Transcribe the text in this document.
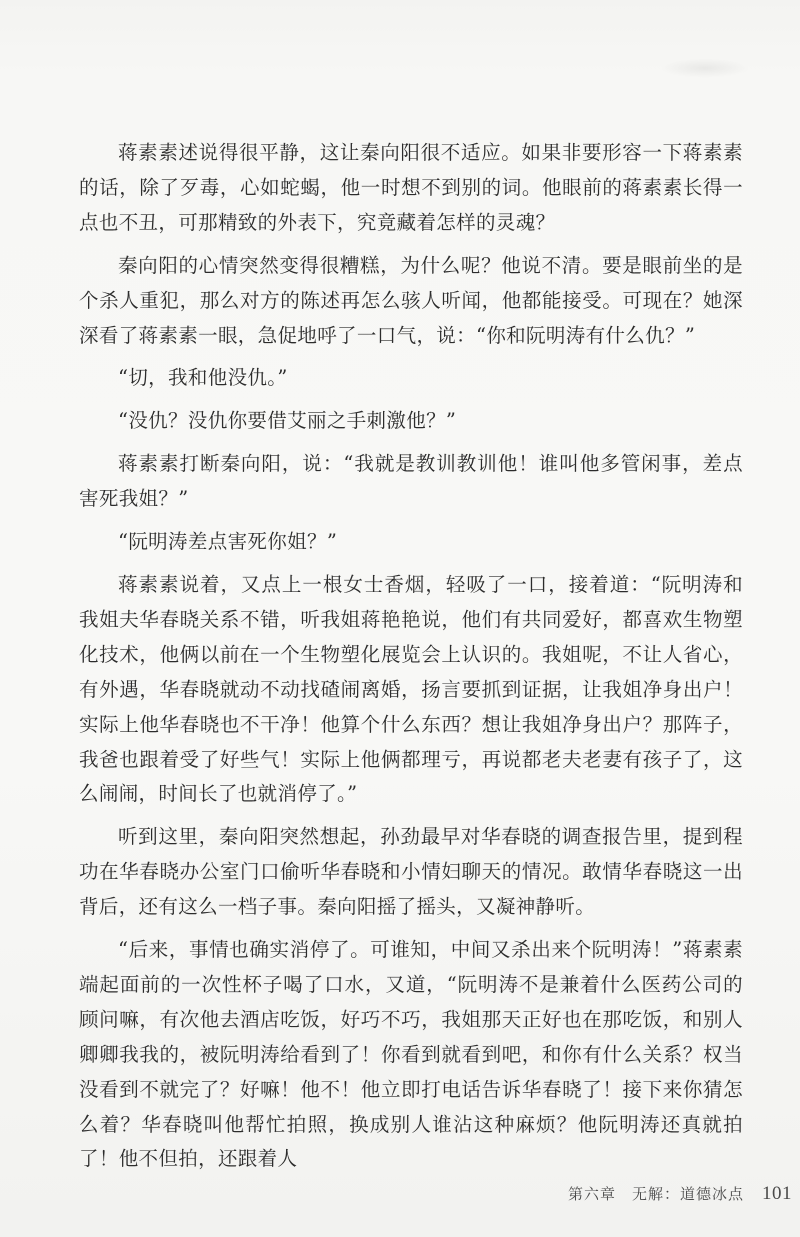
蒋素素述说得很平静，这让秦向阳很不适应。如果非要形容一下蒋素素的话，除了歹毒，心如蛇蝎，他一时想不到别的词。他眼前的蒋素素长得一点也不丑，可那精致的外表下，究竟藏着怎样的灵魂？

秦向阳的心情突然变得很糟糕，为什么呢？他说不清。要是眼前坐的是个杀人重犯，那么对方的陈述再怎么骇人听闻，他都能接受。可现在？她深深看了蒋素素一眼，急促地呼了一口气，说：“你和阮明涛有什么仇？”

“切，我和他没仇。”

“没仇？没仇你要借艾丽之手刺激他？”

蒋素素打断秦向阳，说：“我就是教训教训他！谁叫他多管闲事，差点害死我姐？”

“阮明涛差点害死你姐？”

蒋素素说着，又点上一根女士香烟，轻吸了一口，接着道：“阮明涛和我姐夫华春晓关系不错，听我姐蒋艳艳说，他们有共同爱好，都喜欢生物塑化技术，他俩以前在一个生物塑化展览会上认识的。我姐呢，不让人省心，有外遇，华春晓就动不动找碴闹离婚，扬言要抓到证据，让我姐净身出户！实际上他华春晓也不干净！他算个什么东西？想让我姐净身出户？那阵子，我爸也跟着受了好些气！实际上他俩都理亏，再说都老夫老妻有孩子了，这么闹闹，时间长了也就消停了。”

听到这里，秦向阳突然想起，孙劲最早对华春晓的调查报告里，提到程功在华春晓办公室门口偷听华春晓和小情妇聊天的情况。敢情华春晓这一出背后，还有这么一档子事。秦向阳摇了摇头，又凝神静听。

“后来，事情也确实消停了。可谁知，中间又杀出来个阮明涛！”蒋素素端起面前的一次性杯子喝了口水，又道，“阮明涛不是兼着什么医药公司的顾问嘛，有次他去酒店吃饭，好巧不巧，我姐那天正好也在那吃饭，和别人卿卿我我的，被阮明涛给看到了！你看到就看到吧，和你有什么关系？权当没看到不就完了？好嘛！他不！他立即打电话告诉华春晓了！接下来你猜怎么着？华春晓叫他帮忙拍照，换成别人谁沾这种麻烦？他阮明涛还真就拍了！他不但拍，还跟着人

第六章　无解：道德冰点 101
